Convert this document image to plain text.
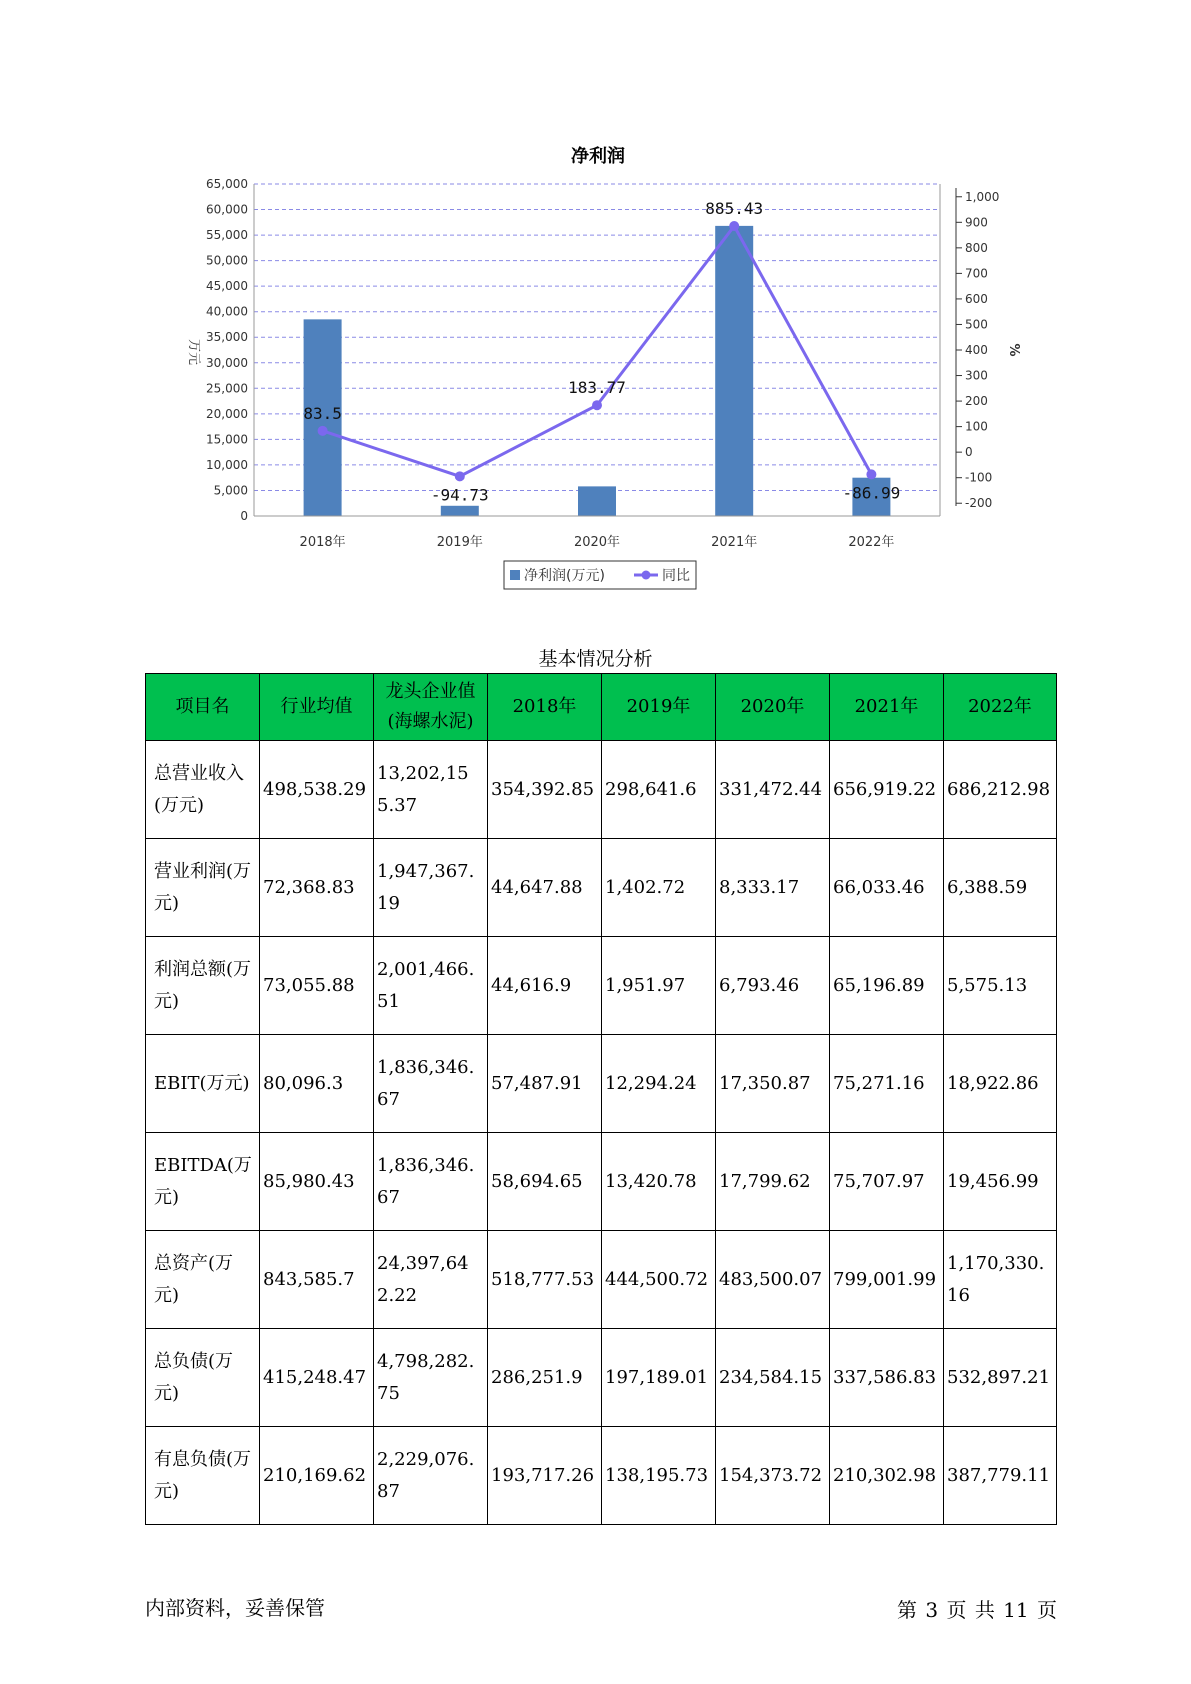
净利润
65,000
60,000
55,000
50,000
45,000
40,000
35,000
30,000
25,000
20,000
15,000
10,000
5,000
0
1,000
900
800
700
600
500
400
300
200
100
0
-100
-200
万元	%
2018年	2019年	2020年	2021年	2022年
83.5
-94.73
183.77
885.43
-86.99
净利润(万元)	同比
基本情况分析
项目名	行业均值	龙头企业值(海螺水泥)	2018年	2019年	2020年	2021年	2022年
总营业收入(万元)	498,538.29	13,202,155.37	354,392.85	298,641.6	331,472.44	656,919.22	686,212.98
营业利润(万元)	72,368.83	1,947,367.19	44,647.88	1,402.72	8,333.17	66,033.46	6,388.59
利润总额(万元)	73,055.88	2,001,466.51	44,616.9	1,951.97	6,793.46	65,196.89	5,575.13
EBIT(万元)	80,096.3	1,836,346.67	57,487.91	12,294.24	17,350.87	75,271.16	18,922.86
EBITDA(万元)	85,980.43	1,836,346.67	58,694.65	13,420.78	17,799.62	75,707.97	19,456.99
总资产(万元)	843,585.7	24,397,642.22	518,777.53	444,500.72	483,500.07	799,001.99	1,170,330.16
总负债(万元)	415,248.47	4,798,282.75	286,251.9	197,189.01	234,584.15	337,586.83	532,897.21
有息负债(万元)	210,169.62	2,229,076.87	193,717.26	138,195.73	154,373.72	210,302.98	387,779.11
内部资料，妥善保管	第 3 页 共 11 页
